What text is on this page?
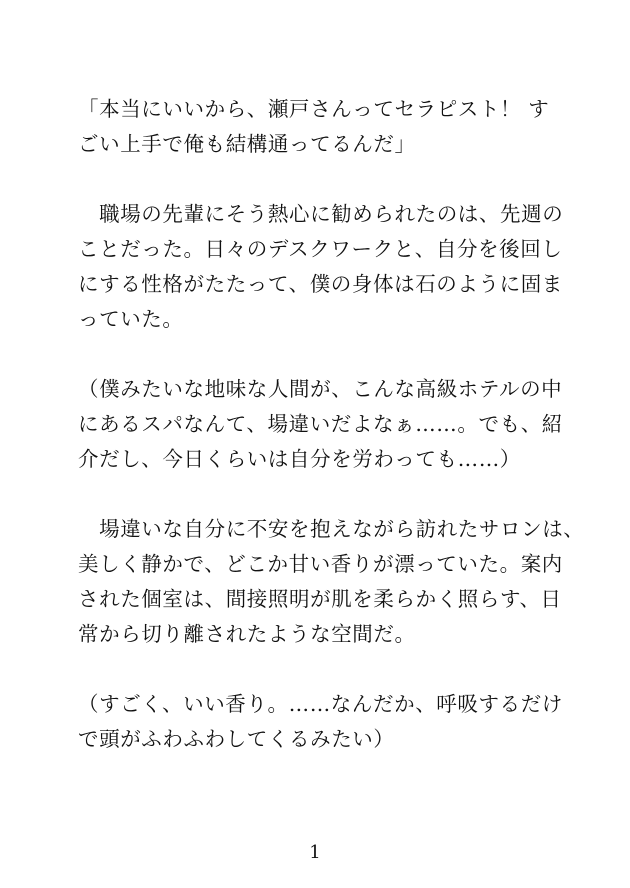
「本当にいいから、瀬戸さんってセラピスト！ す
ごい上手で俺も結構通ってるんだ」

　職場の先輩にそう熱心に勧められたのは、先週の
ことだった。日々のデスクワークと、自分を後回し
にする性格がたたって、僕の身体は石のように固ま
っていた。

（僕みたいな地味な人間が、こんな高級ホテルの中
にあるスパなんて、場違いだよなぁ……。でも、紹
介だし、今日くらいは自分を労わっても……）

　場違いな自分に不安を抱えながら訪れたサロンは、
美しく静かで、どこか甘い香りが漂っていた。案内
された個室は、間接照明が肌を柔らかく照らす、日
常から切り離されたような空間だ。

（すごく、いい香り。……なんだか、呼吸するだけ
で頭がふわふわしてくるみたい）

1
